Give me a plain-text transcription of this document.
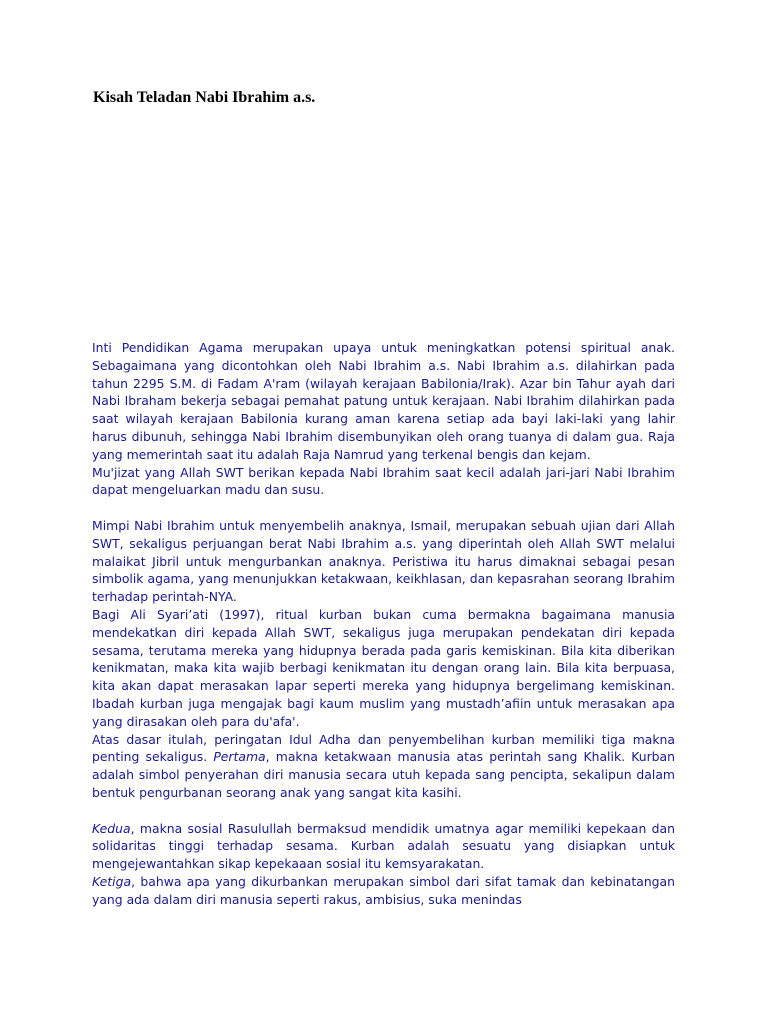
Kisah Teladan Nabi Ibrahim a.s.

Inti Pendidikan Agama merupakan upaya untuk meningkatkan potensi spiritual anak. Sebagaimana yang dicontohkan oleh Nabi Ibrahim a.s. Nabi Ibrahim a.s. dilahirkan pada tahun 2295 S.M. di Fadam A'ram (wilayah kerajaan Babilonia/Irak). Azar bin Tahur ayah dari Nabi Ibraham bekerja sebagai pemahat patung untuk kerajaan. Nabi Ibrahim dilahirkan pada saat wilayah kerajaan Babilonia kurang aman karena setiap ada bayi laki-laki yang lahir harus dibunuh, sehingga Nabi Ibrahim disembunyikan oleh orang tuanya di dalam gua. Raja yang memerintah saat itu adalah Raja Namrud yang terkenal bengis dan kejam.

Mu'jizat yang Allah SWT berikan kepada Nabi Ibrahim saat kecil adalah jari-jari Nabi Ibrahim dapat mengeluarkan madu dan susu.

Mimpi Nabi Ibrahim untuk menyembelih anaknya, Ismail, merupakan sebuah ujian dari Allah SWT, sekaligus perjuangan berat Nabi Ibrahim a.s. yang diperintah oleh Allah SWT melalui malaikat Jibril untuk mengurbankan anaknya. Peristiwa itu harus dimaknai sebagai pesan simbolik agama, yang menunjukkan ketakwaan, keikhlasan, dan kepasrahan seorang Ibrahim terhadap perintah-NYA.

Bagi Ali Syari’ati (1997), ritual kurban bukan cuma bermakna bagaimana manusia mendekatkan diri kepada Allah SWT, sekaligus juga merupakan pendekatan diri kepada sesama, terutama mereka yang hidupnya berada pada garis kemiskinan. Bila kita diberikan kenikmatan, maka kita wajib berbagi kenikmatan itu dengan orang lain. Bila kita berpuasa, kita akan dapat merasakan lapar seperti mereka yang hidupnya bergelimang kemiskinan. Ibadah kurban juga mengajak bagi kaum muslim yang mustadh’afiin untuk merasakan apa yang dirasakan oleh para du'afa'.

Atas dasar itulah, peringatan Idul Adha dan penyembelihan kurban memiliki tiga makna penting sekaligus. Pertama, makna ketakwaan manusia atas perintah sang Khalik. Kurban adalah simbol penyerahan diri manusia secara utuh kepada sang pencipta, sekalipun dalam bentuk pengurbanan seorang anak yang sangat kita kasihi.

Kedua, makna sosial Rasulullah bermaksud mendidik umatnya agar memiliki kepekaan dan solidaritas tinggi terhadap sesama. Kurban adalah sesuatu yang disiapkan untuk mengejewantahkan sikap kepekaaan sosial itu kemsyarakatan.

Ketiga, bahwa apa yang dikurbankan merupakan simbol dari sifat tamak dan kebinatangan yang ada dalam diri manusia seperti rakus, ambisius, suka menindas
